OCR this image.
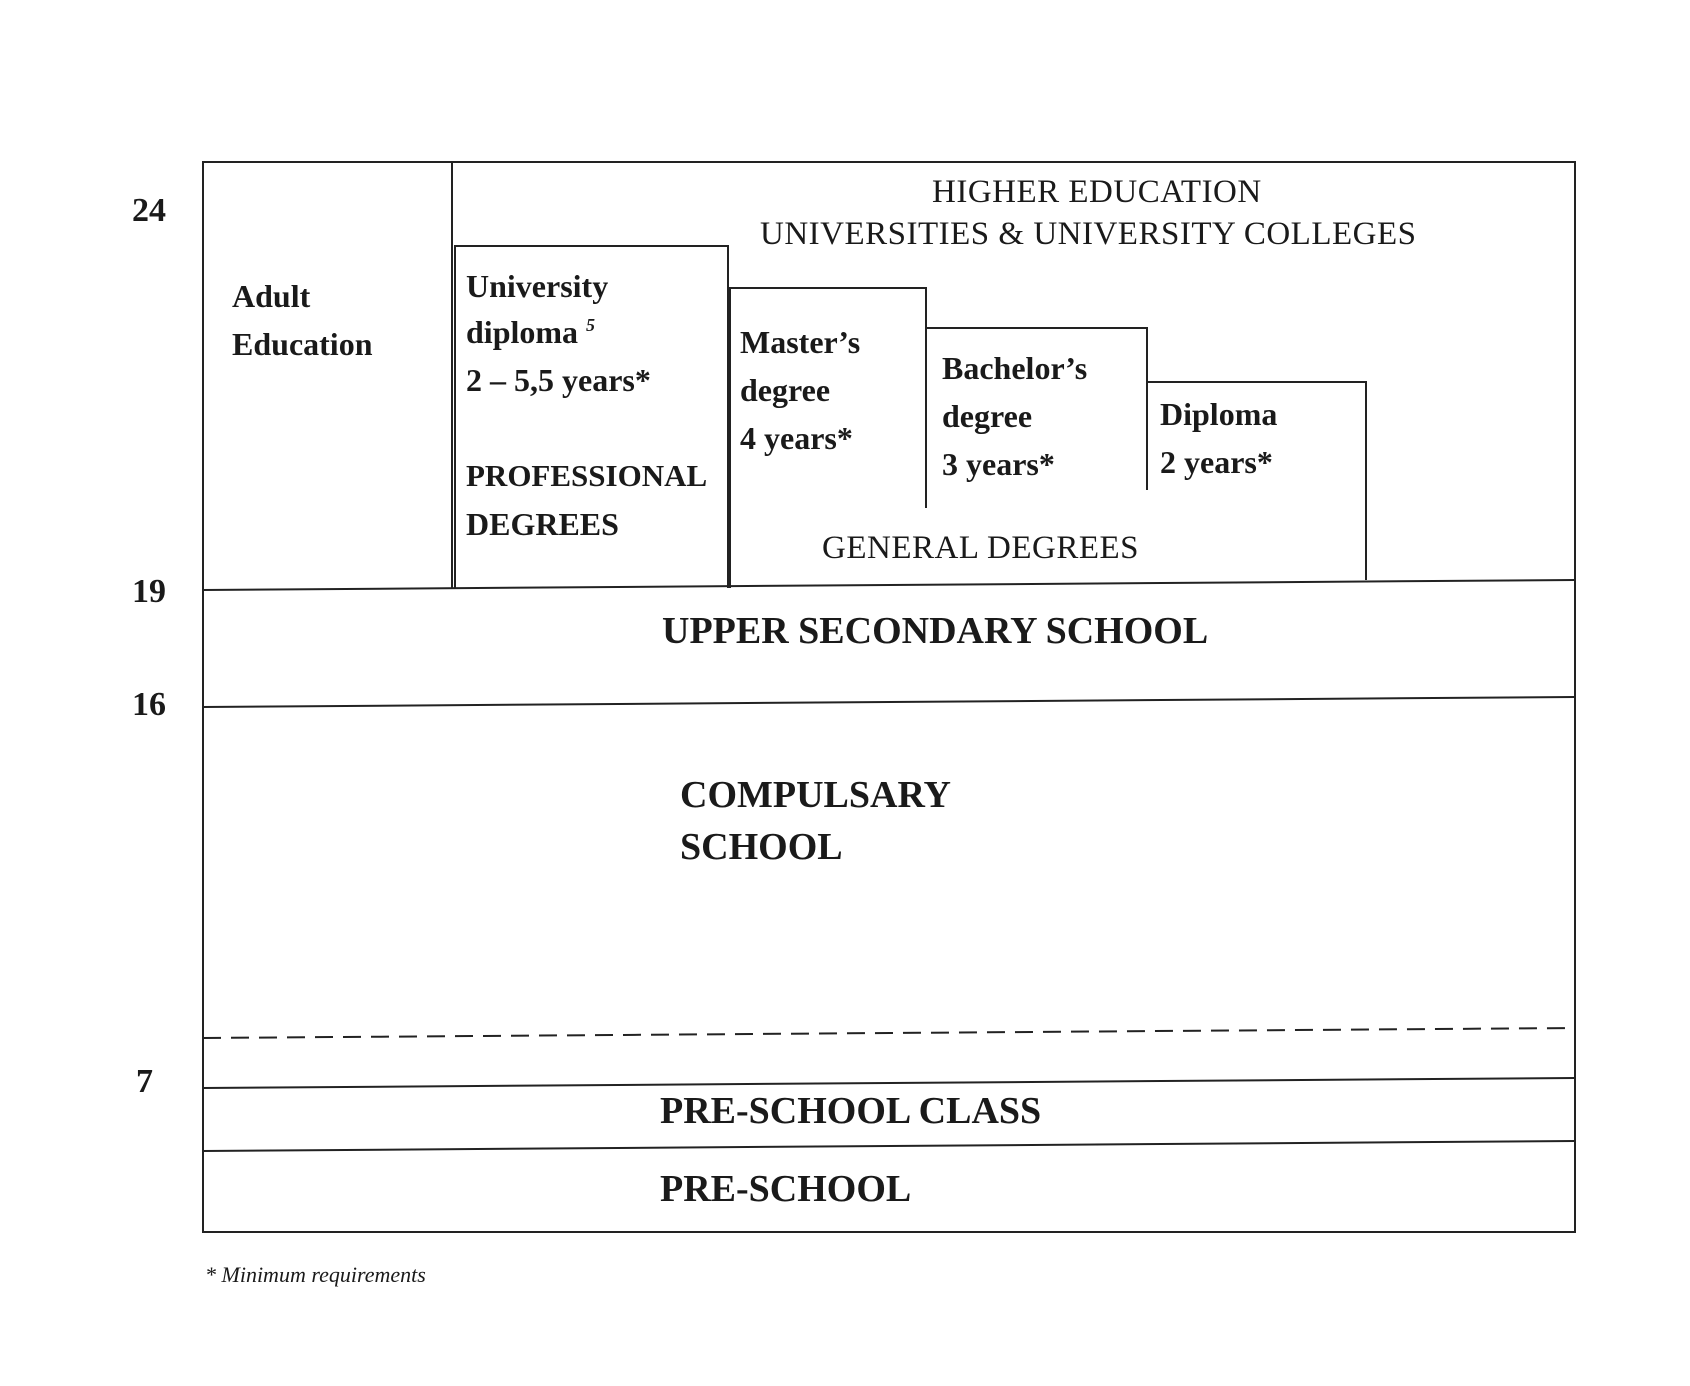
24
19
16
7
HIGHER EDUCATION
UNIVERSITIES & UNIVERSITY COLLEGES
Adult
Education
University
diploma $^5$
2 – 5,5 years*
PROFESSIONAL
DEGREES
Master’s
degree
4 years*
Bachelor’s
degree
3 years*
Diploma
2 years*
GENERAL DEGREES
UPPER SECONDARY SCHOOL
COMPULSARY
SCHOOL
PRE-SCHOOL CLASS
PRE-SCHOOL
* Minimum requirements
